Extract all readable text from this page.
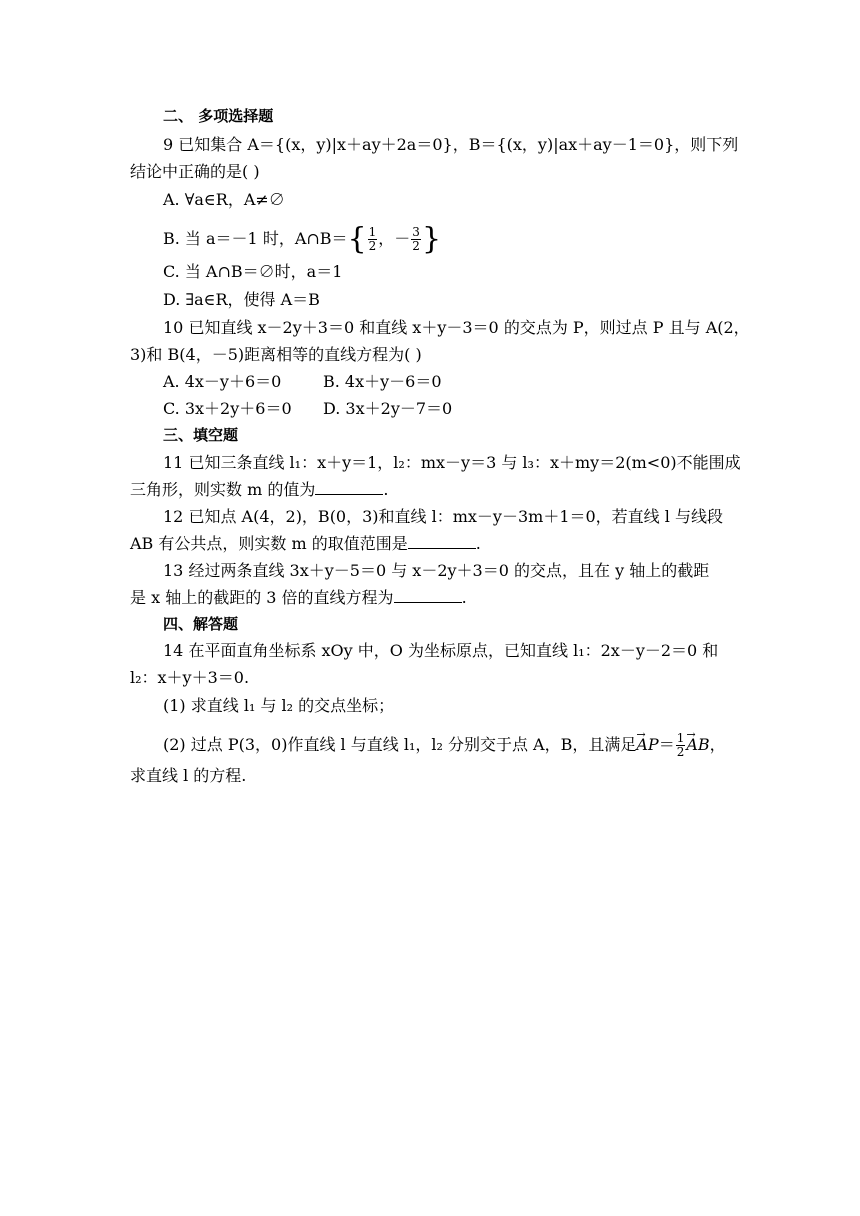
二、 多项选择题
9 已知集合 A＝{(x，y)|x＋ay＋2a＝0}，B＝{(x，y)|ax＋ay－1＝0}，则下列
结论中正确的是( )
A. ∀a∈R，A≠∅
B. 当 a＝－1 时，A∩B＝{ $\frac{1}{2}$ ，－ $\frac{3}{2}$ }
C. 当 A∩B＝∅时，a＝1
D. ∃a∈R，使得 A＝B
10 已知直线 x－2y＋3＝0 和直线 x＋y－3＝0 的交点为 P，则过点 P 且与 A(2，
3)和 B(4，－5)距离相等的直线方程为( )
A. 4x－y＋6＝0	B. 4x＋y－6＝0
C. 3x＋2y＋6＝0 D. 3x＋2y－7＝0
三、填空题
11 已知三条直线 l₁：x＋y＝1，l₂：mx－y＝3 与 l₃：x＋my＝2(m<0)不能围成
三角形，则实数 m 的值为	.
12 已知点 A(4，2)，B(0，3)和直线 l：mx－y－3m＋1＝0，若直线 l 与线段
AB 有公共点，则实数 m 的取值范围是	.
13 经过两条直线 3x＋y－5＝0 与 x－2y＋3＝0 的交点，且在 y 轴上的截距
是 x 轴上的截距的 3 倍的直线方程为	.
四、解答题
14 在平面直角坐标系 xOy 中，O 为坐标原点，已知直线 l₁：2x－y－2＝0 和
l₂：x＋y＋3＝0.
(1) 求直线 l₁ 与 l₂ 的交点坐标；
(2) 过点 P(3，0)作直线 l 与直线 l₁，l₂ 分别交于点 A，B，且满足→ $AP= \frac{1}{2}$
→ AB，
求直线 l 的方程.
